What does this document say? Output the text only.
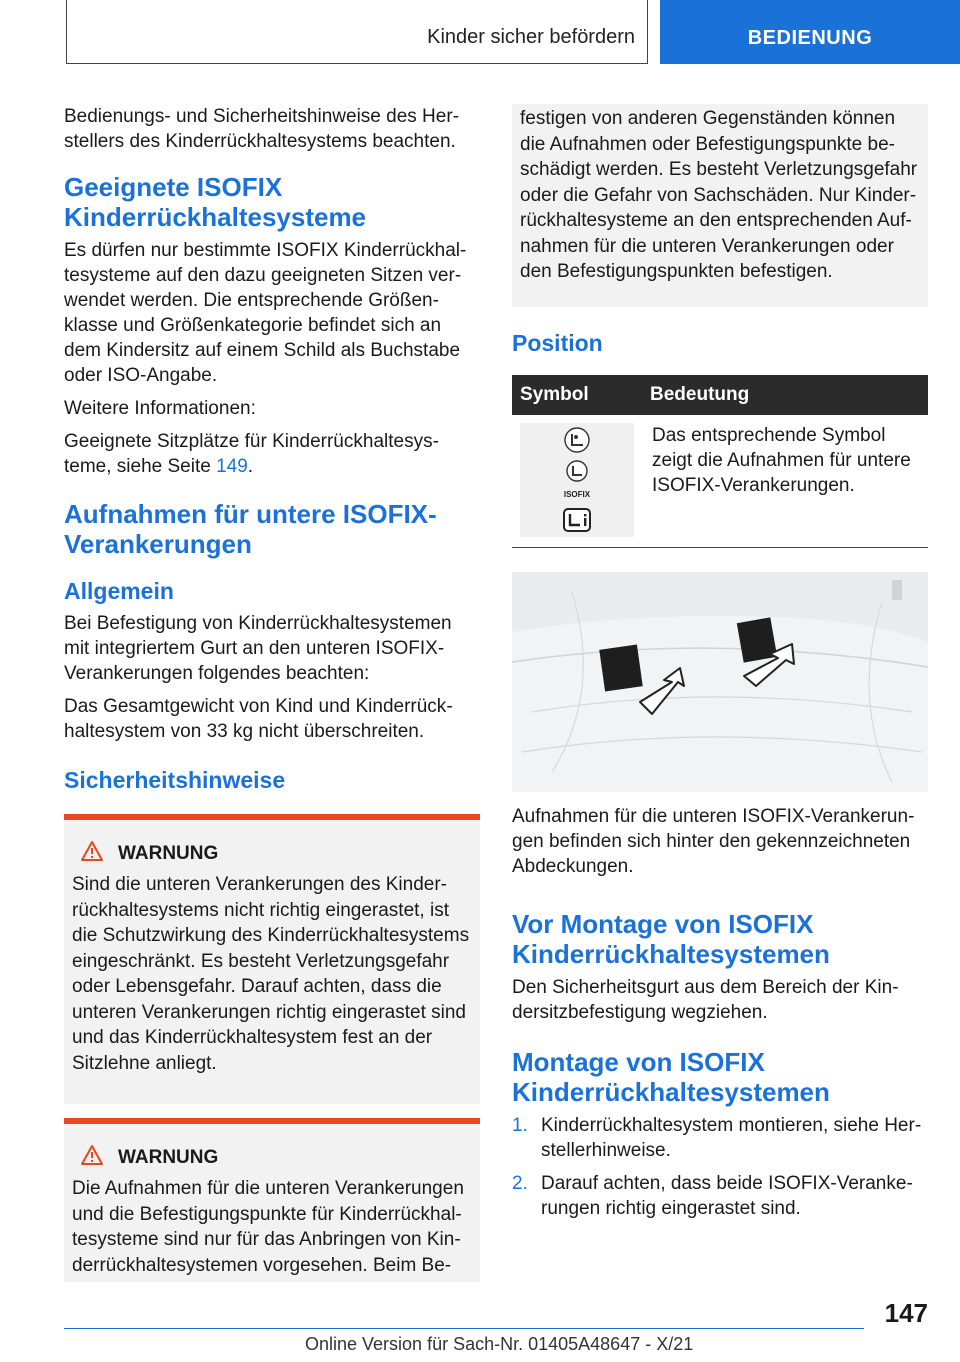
Kinder sicher befördern	BEDIENUNG

Bedienungs- und Sicherheitshinweise des Herstellers des Kinderrückhaltesystems beachten.

Geeignete ISOFIX Kinderrückhaltesysteme

Es dürfen nur bestimmte ISOFIX Kinderrückhaltesysteme auf den dazu geeigneten Sitzen verwendet werden. Die entsprechende Größenklasse und Größenkategorie befindet sich an dem Kindersitz auf einem Schild als Buchstabe oder ISO-Angabe.

Weitere Informationen:

Geeignete Sitzplätze für Kinderrückhaltesysteme, siehe Seite 149.

Aufnahmen für untere ISOFIX-Verankerungen
Allgemein

Bei Befestigung von Kinderrückhaltesystemen mit integriertem Gurt an den unteren ISOFIX-Verankerungen folgendes beachten:

Das Gesamtgewicht von Kind und Kinderrückhaltesystem von 33 kg nicht überschreiten.

Sicherheitshinweise
WARNUNG

Sind die unteren Verankerungen des Kinderrückhaltesystems nicht richtig eingerastet, ist die Schutzwirkung des Kinderrückhaltesystems eingeschränkt. Es besteht Verletzungsgefahr oder Lebensgefahr. Darauf achten, dass die unteren Verankerungen richtig eingerastet sind und das Kinderrückhaltesystem fest an der Sitzlehne anliegt.

WARNUNG

Die Aufnahmen für die unteren Verankerungen und die Befestigungspunkte für Kinderrückhaltesysteme sind nur für das Anbringen von Kinderrückhaltesystemen vorgesehen. Beim Be-

festigen von anderen Gegenständen können die Aufnahmen oder Befestigungspunkte beschädigt werden. Es besteht Verletzungsgefahr oder die Gefahr von Sachschäden. Nur Kinderrückhaltesysteme an den entsprechenden Aufnahmen für die unteren Verankerungen oder den Befestigungspunkten befestigen.

Position
Symbol	Bedeutung

ISOFIX	Das entsprechende Symbol zeigt die Aufnahmen für untere ISOFIX-Verankerungen.

Aufnahmen für die unteren ISOFIX-Verankerungen befinden sich hinter den gekennzeichneten Abdeckungen.

Vor Montage von ISOFIX Kinderrückhaltesystemen

Den Sicherheitsgurt aus dem Bereich der Kindersitzbefestigung wegziehen.

Montage von ISOFIX Kinderrückhaltesystemen
1. Kinderrückhaltesystem montieren, siehe Herstellerhinweise.
2. Darauf achten, dass beide ISOFIX-Verankerungen richtig eingerastet sind.
147
Online Version für Sach-Nr. 01405A48647 - X/21
